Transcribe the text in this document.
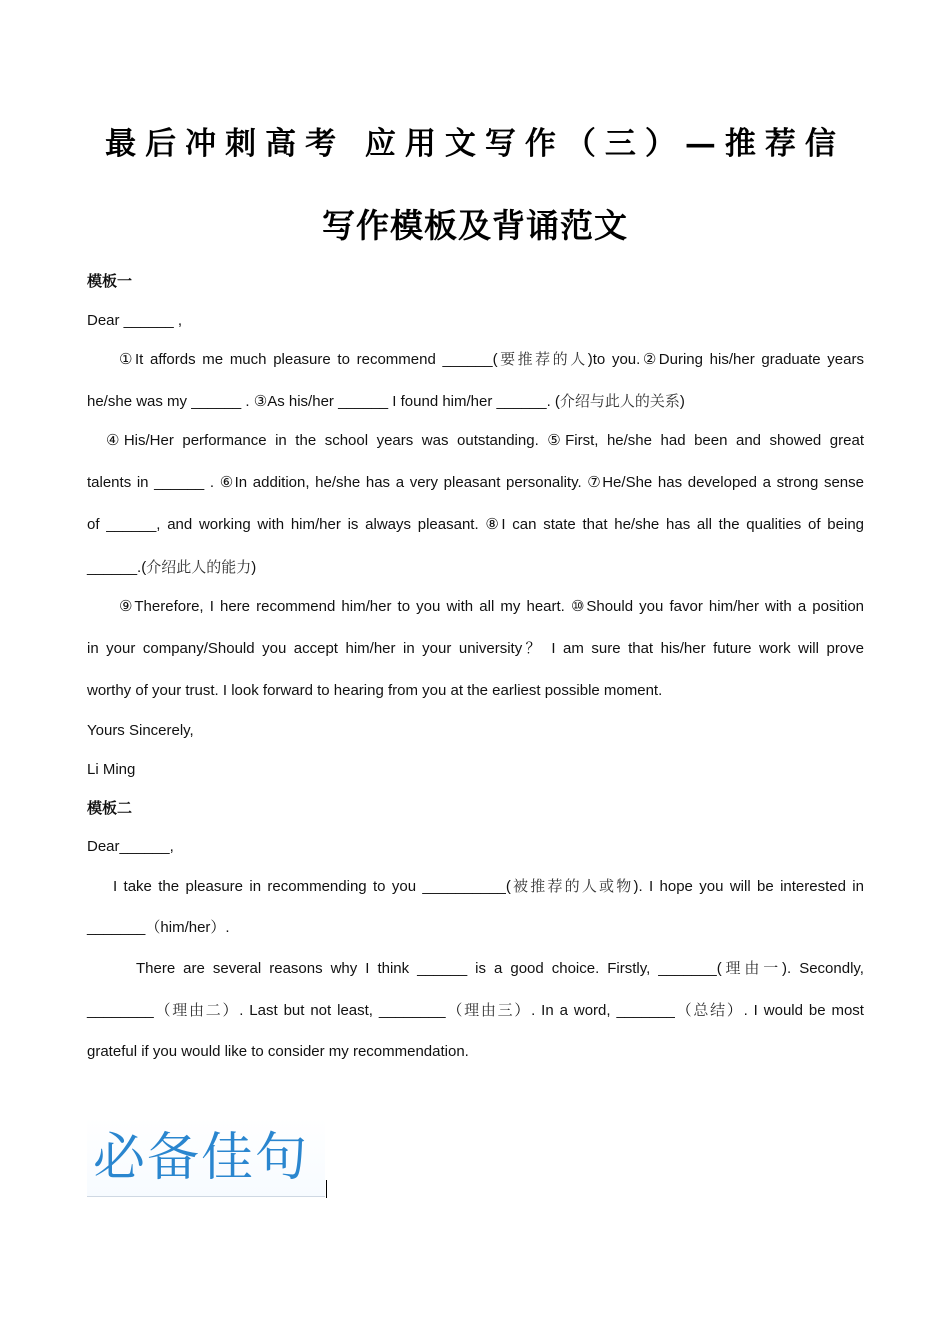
最后冲刺高考 应用文写作（三）—推荐信
写作模板及背诵范文
模板一
Dear ______ ,
①It affords me much pleasure to recommend ______(要推荐的人)to you.②During his/her graduate years
he/she was my ______ . ③As his/her ______ I found him/her ______. (介绍与此人的关系)
④His/Her performance in the school years was outstanding. ⑤First, he/she had been and showed great
talents in ______ . ⑥In addition, he/she has a very pleasant personality. ⑦He/She has developed a strong sense
of ______, and working with him/her is always pleasant. ⑧I can state that he/she has all the qualities of being
______.(介绍此人的能力)
⑨Therefore, I here recommend him/her to you with all my heart. ⑩Should you favor him/her with a position
in your company/Should you accept him/her in your university？ I am sure that his/her future work will prove
worthy of your trust. I look forward to hearing from you at the earliest possible moment.
Yours Sincerely,
Li Ming
模板二
Dear______,
I take the pleasure in recommending to you __________(被推荐的人或物). I hope you will be interested in
_______（him/her）.
There are several reasons why I think ______ is a good choice. Firstly, _______(理由一). Secondly,
________（理由二）. Last but not least, ________（理由三）. In a word, _______（总结）. I would be most
grateful if you would like to consider my recommendation.
必备佳句
